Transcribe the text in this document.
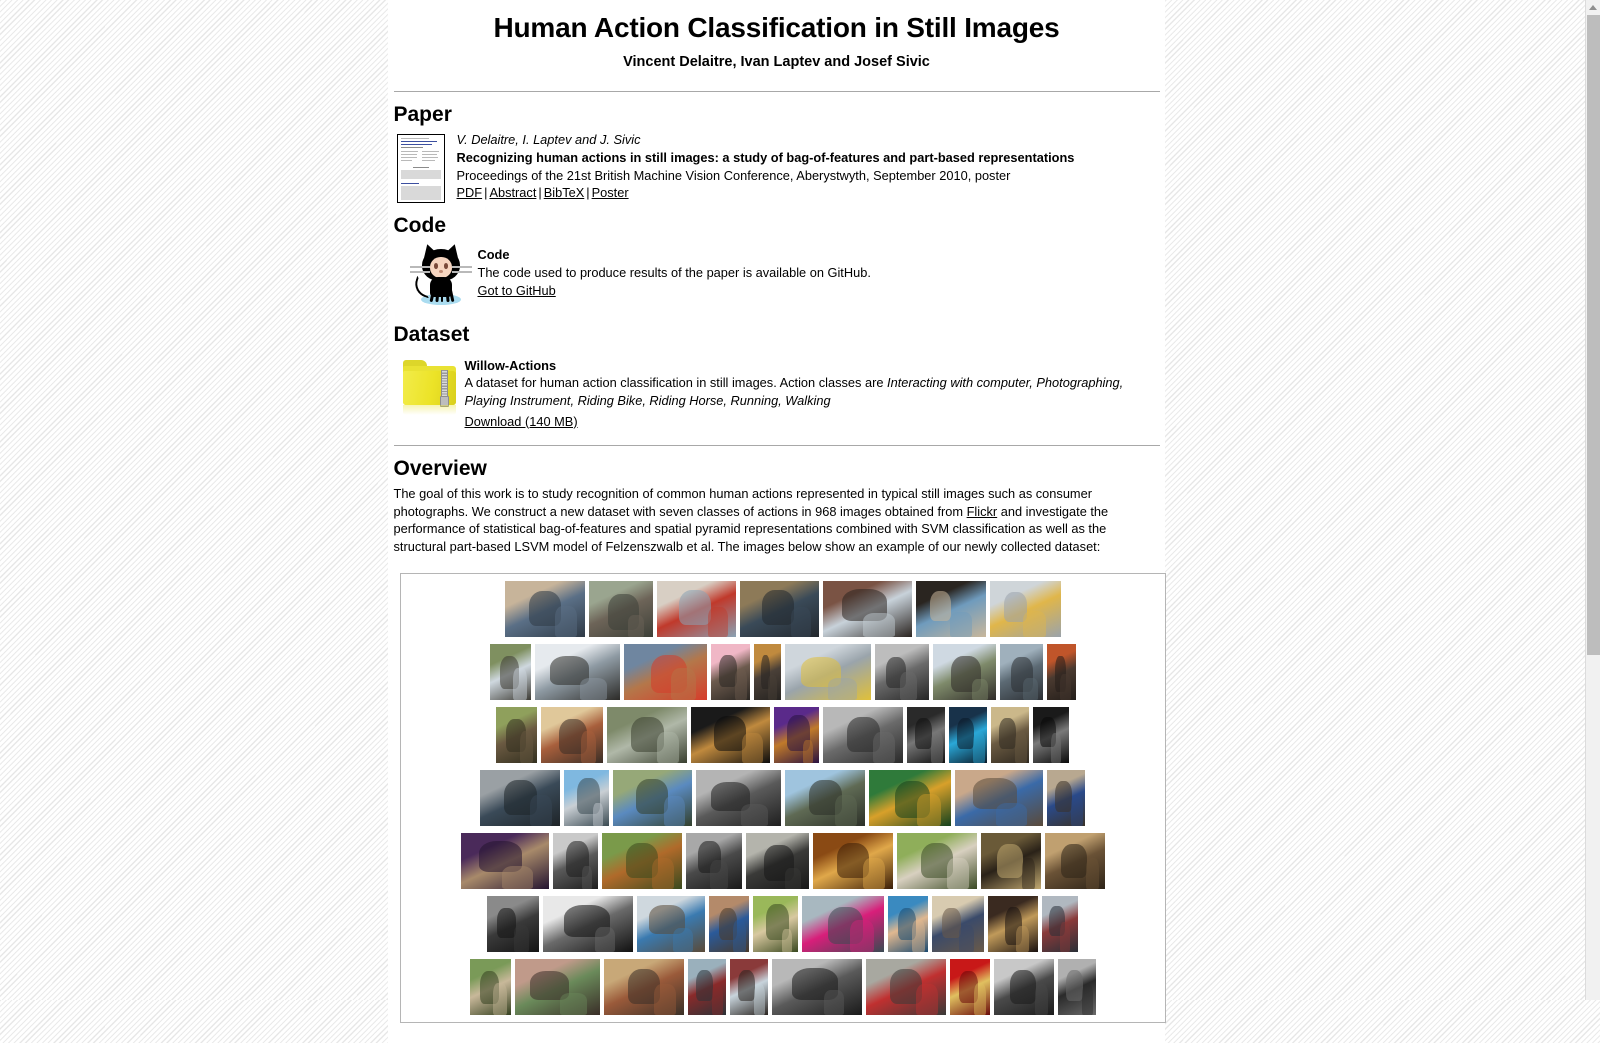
Human Action Classification in Still Images
Vincent Delaitre, Ivan Laptev and Josef Sivic
Paper
V. Delaitre, I. Laptev and J. Sivic
Recognizing human actions in still images: a study of bag-of-features and part-based representations
Proceedings of the 21st British Machine Vision Conference, Aberystwyth, September 2010, poster
PDF | Abstract | BibTeX | Poster
Code
Code
The code used to produce results of the paper is available on GitHub.
Got to GitHub
Dataset
Willow-Actions
A dataset for human action classification in still images. Action classes are Interacting with computer, Photographing, Playing Instrument, Riding Bike, Riding Horse, Running, Walking
Download (140 MB)
Overview
The goal of this work is to study recognition of common human actions represented in typical still images such as consumer photographs. We construct a new dataset with seven classes of actions in 968 images obtained from Flickr and investigate the performance of statistical bag-of-features and spatial pyramid representations combined with SVM classification as well as the structural part-based LSVM model of Felzenszwalb et al. The images below show an example of our newly collected dataset:
